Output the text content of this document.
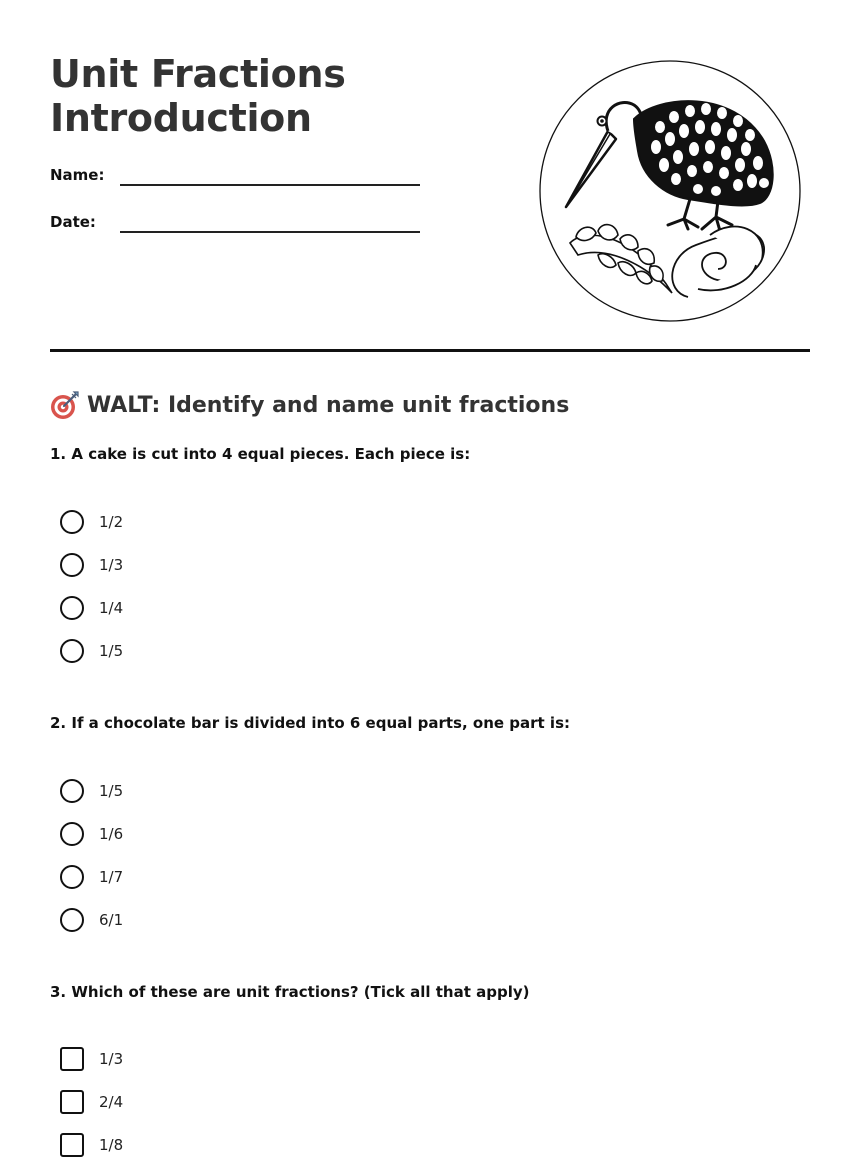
Unit Fractions
Introduction
Name:
Date:
WALT: Identify and name unit fractions
1. A cake is cut into 4 equal pieces. Each piece is:
1/2
1/3
1/4
1/5
2. If a chocolate bar is divided into 6 equal parts, one part is:
1/5
1/6
1/7
6/1
3. Which of these are unit fractions? (Tick all that apply)
1/3
2/4
1/8
